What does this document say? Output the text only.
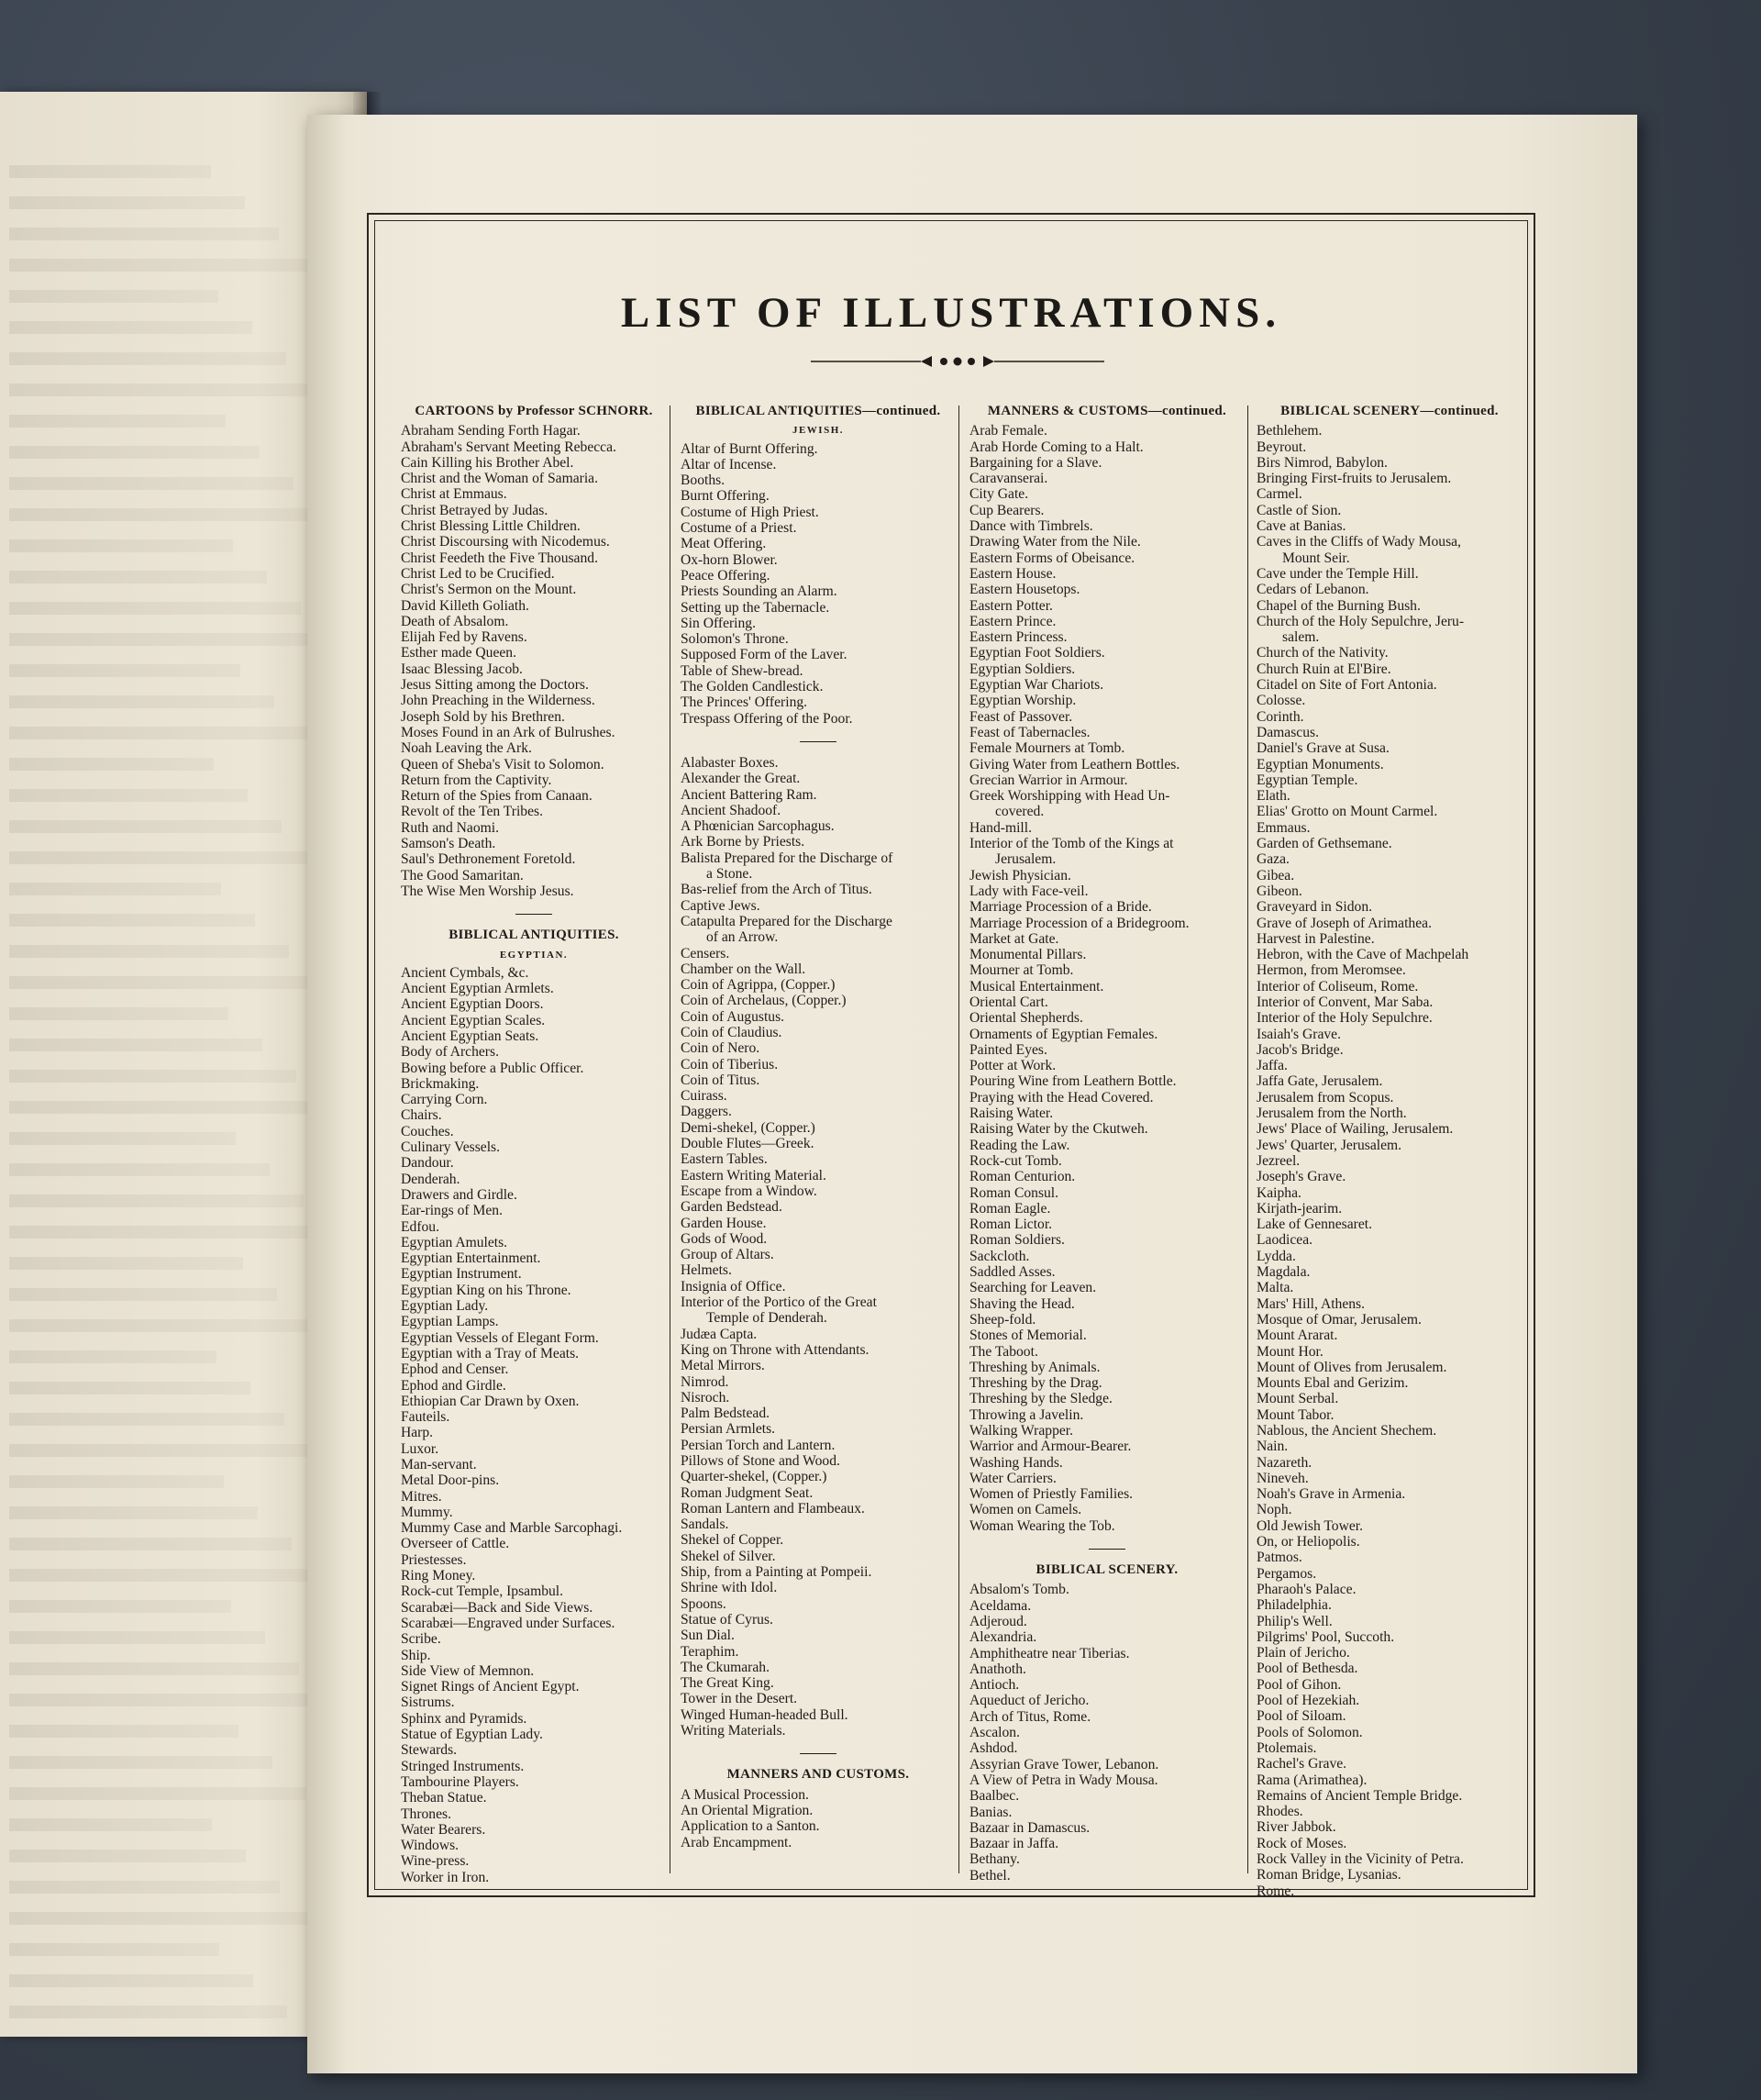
LIST OF ILLUSTRATIONS.
CARTOONS by Professor SCHNORR.
Abraham Sending Forth Hagar.
Abraham's Servant Meeting Rebecca.
Cain Killing his Brother Abel.
Christ and the Woman of Samaria.
Christ at Emmaus.
Christ Betrayed by Judas.
Christ Blessing Little Children.
Christ Discoursing with Nicodemus.
Christ Feedeth the Five Thousand.
Christ Led to be Crucified.
Christ's Sermon on the Mount.
David Killeth Goliath.
Death of Absalom.
Elijah Fed by Ravens.
Esther made Queen.
Isaac Blessing Jacob.
Jesus Sitting among the Doctors.
John Preaching in the Wilderness.
Joseph Sold by his Brethren.
Moses Found in an Ark of Bulrushes.
Noah Leaving the Ark.
Queen of Sheba's Visit to Solomon.
Return from the Captivity.
Return of the Spies from Canaan.
Revolt of the Ten Tribes.
Ruth and Naomi.
Samson's Death.
Saul's Dethronement Foretold.
The Good Samaritan.
The Wise Men Worship Jesus.
BIBLICAL ANTIQUITIES.
EGYPTIAN.
Ancient Cymbals, &c.
Ancient Egyptian Armlets.
Ancient Egyptian Doors.
Ancient Egyptian Scales.
Ancient Egyptian Seats.
Body of Archers.
Bowing before a Public Officer.
Brickmaking.
Carrying Corn.
Chairs.
Couches.
Culinary Vessels.
Dandour.
Denderah.
Drawers and Girdle.
Ear-rings of Men.
Edfou.
Egyptian Amulets.
Egyptian Entertainment.
Egyptian Instrument.
Egyptian King on his Throne.
Egyptian Lady.
Egyptian Lamps.
Egyptian Vessels of Elegant Form.
Egyptian with a Tray of Meats.
Ephod and Censer.
Ephod and Girdle.
Ethiopian Car Drawn by Oxen.
Fauteils.
Harp.
Luxor.
Man-servant.
Metal Door-pins.
Mitres.
Mummy.
Mummy Case and Marble Sarcophagi.
Overseer of Cattle.
Priestesses.
Ring Money.
Rock-cut Temple, Ipsambul.
Scarabæi—Back and Side Views.
Scarabæi—Engraved under Surfaces.
Scribe.
Ship.
Side View of Memnon.
Signet Rings of Ancient Egypt.
Sistrums.
Sphinx and Pyramids.
Statue of Egyptian Lady.
Stewards.
Stringed Instruments.
Tambourine Players.
Theban Statue.
Thrones.
Water Bearers.
Windows.
Wine-press.
Worker in Iron.
BIBLICAL ANTIQUITIES—continued.
JEWISH.
Altar of Burnt Offering.
Altar of Incense.
Booths.
Burnt Offering.
Costume of High Priest.
Costume of a Priest.
Meat Offering.
Ox-horn Blower.
Peace Offering.
Priests Sounding an Alarm.
Setting up the Tabernacle.
Sin Offering.
Solomon's Throne.
Supposed Form of the Laver.
Table of Shew-bread.
The Golden Candlestick.
The Princes' Offering.
Trespass Offering of the Poor.
Alabaster Boxes.
Alexander the Great.
Ancient Battering Ram.
Ancient Shadoof.
A Phœnician Sarcophagus.
Ark Borne by Priests.
Balista Prepared for the Discharge of
a Stone.
Bas-relief from the Arch of Titus.
Captive Jews.
Catapulta Prepared for the Discharge
of an Arrow.
Censers.
Chamber on the Wall.
Coin of Agrippa, (Copper.)
Coin of Archelaus, (Copper.)
Coin of Augustus.
Coin of Claudius.
Coin of Nero.
Coin of Tiberius.
Coin of Titus.
Cuirass.
Daggers.
Demi-shekel, (Copper.)
Double Flutes—Greek.
Eastern Tables.
Eastern Writing Material.
Escape from a Window.
Garden Bedstead.
Garden House.
Gods of Wood.
Group of Altars.
Helmets.
Insignia of Office.
Interior of the Portico of the Great
Temple of Denderah.
Judæa Capta.
King on Throne with Attendants.
Metal Mirrors.
Nimrod.
Nisroch.
Palm Bedstead.
Persian Armlets.
Persian Torch and Lantern.
Pillows of Stone and Wood.
Quarter-shekel, (Copper.)
Roman Judgment Seat.
Roman Lantern and Flambeaux.
Sandals.
Shekel of Copper.
Shekel of Silver.
Ship, from a Painting at Pompeii.
Shrine with Idol.
Spoons.
Statue of Cyrus.
Sun Dial.
Teraphim.
The Ckumarah.
The Great King.
Tower in the Desert.
Winged Human-headed Bull.
Writing Materials.
MANNERS AND CUSTOMS.
A Musical Procession.
An Oriental Migration.
Application to a Santon.
Arab Encampment.
MANNERS & CUSTOMS—continued.
Arab Female.
Arab Horde Coming to a Halt.
Bargaining for a Slave.
Caravanserai.
City Gate.
Cup Bearers.
Dance with Timbrels.
Drawing Water from the Nile.
Eastern Forms of Obeisance.
Eastern House.
Eastern Housetops.
Eastern Potter.
Eastern Prince.
Eastern Princess.
Egyptian Foot Soldiers.
Egyptian Soldiers.
Egyptian War Chariots.
Egyptian Worship.
Feast of Passover.
Feast of Tabernacles.
Female Mourners at Tomb.
Giving Water from Leathern Bottles.
Grecian Warrior in Armour.
Greek Worshipping with Head Un-
covered.
Hand-mill.
Interior of the Tomb of the Kings at
Jerusalem.
Jewish Physician.
Lady with Face-veil.
Marriage Procession of a Bride.
Marriage Procession of a Bridegroom.
Market at Gate.
Monumental Pillars.
Mourner at Tomb.
Musical Entertainment.
Oriental Cart.
Oriental Shepherds.
Ornaments of Egyptian Females.
Painted Eyes.
Potter at Work.
Pouring Wine from Leathern Bottle.
Praying with the Head Covered.
Raising Water.
Raising Water by the Ckutweh.
Reading the Law.
Rock-cut Tomb.
Roman Centurion.
Roman Consul.
Roman Eagle.
Roman Lictor.
Roman Soldiers.
Sackcloth.
Saddled Asses.
Searching for Leaven.
Shaving the Head.
Sheep-fold.
Stones of Memorial.
The Taboot.
Threshing by Animals.
Threshing by the Drag.
Threshing by the Sledge.
Throwing a Javelin.
Walking Wrapper.
Warrior and Armour-Bearer.
Washing Hands.
Water Carriers.
Women of Priestly Families.
Women on Camels.
Woman Wearing the Tob.
BIBLICAL SCENERY.
Absalom's Tomb.
Aceldama.
Adjeroud.
Alexandria.
Amphitheatre near Tiberias.
Anathoth.
Antioch.
Aqueduct of Jericho.
Arch of Titus, Rome.
Ascalon.
Ashdod.
Assyrian Grave Tower, Lebanon.
A View of Petra in Wady Mousa.
Baalbec.
Banias.
Bazaar in Damascus.
Bazaar in Jaffa.
Bethany.
Bethel.
BIBLICAL SCENERY—continued.
Bethlehem.
Beyrout.
Birs Nimrod, Babylon.
Bringing First-fruits to Jerusalem.
Carmel.
Castle of Sion.
Cave at Banias.
Caves in the Cliffs of Wady Mousa,
Mount Seir.
Cave under the Temple Hill.
Cedars of Lebanon.
Chapel of the Burning Bush.
Church of the Holy Sepulchre, Jeru-
salem.
Church of the Nativity.
Church Ruin at El'Bire.
Citadel on Site of Fort Antonia.
Colosse.
Corinth.
Damascus.
Daniel's Grave at Susa.
Egyptian Monuments.
Egyptian Temple.
Elath.
Elias' Grotto on Mount Carmel.
Emmaus.
Garden of Gethsemane.
Gaza.
Gibea.
Gibeon.
Graveyard in Sidon.
Grave of Joseph of Arimathea.
Harvest in Palestine.
Hebron, with the Cave of Machpelah
Hermon, from Meromsee.
Interior of Coliseum, Rome.
Interior of Convent, Mar Saba.
Interior of the Holy Sepulchre.
Isaiah's Grave.
Jacob's Bridge.
Jaffa.
Jaffa Gate, Jerusalem.
Jerusalem from Scopus.
Jerusalem from the North.
Jews' Place of Wailing, Jerusalem.
Jews' Quarter, Jerusalem.
Jezreel.
Joseph's Grave.
Kaipha.
Kirjath-jearim.
Lake of Gennesaret.
Laodicea.
Lydda.
Magdala.
Malta.
Mars' Hill, Athens.
Mosque of Omar, Jerusalem.
Mount Ararat.
Mount Hor.
Mount of Olives from Jerusalem.
Mounts Ebal and Gerizim.
Mount Serbal.
Mount Tabor.
Nablous, the Ancient Shechem.
Nain.
Nazareth.
Nineveh.
Noah's Grave in Armenia.
Noph.
Old Jewish Tower.
On, or Heliopolis.
Patmos.
Pergamos.
Pharaoh's Palace.
Philadelphia.
Philip's Well.
Pilgrims' Pool, Succoth.
Plain of Jericho.
Pool of Bethesda.
Pool of Gihon.
Pool of Hezekiah.
Pool of Siloam.
Pools of Solomon.
Ptolemais.
Rachel's Grave.
Rama (Arimathea).
Remains of Ancient Temple Bridge.
Rhodes.
River Jabbok.
Rock of Moses.
Rock Valley in the Vicinity of Petra.
Roman Bridge, Lysanias.
Rome.
